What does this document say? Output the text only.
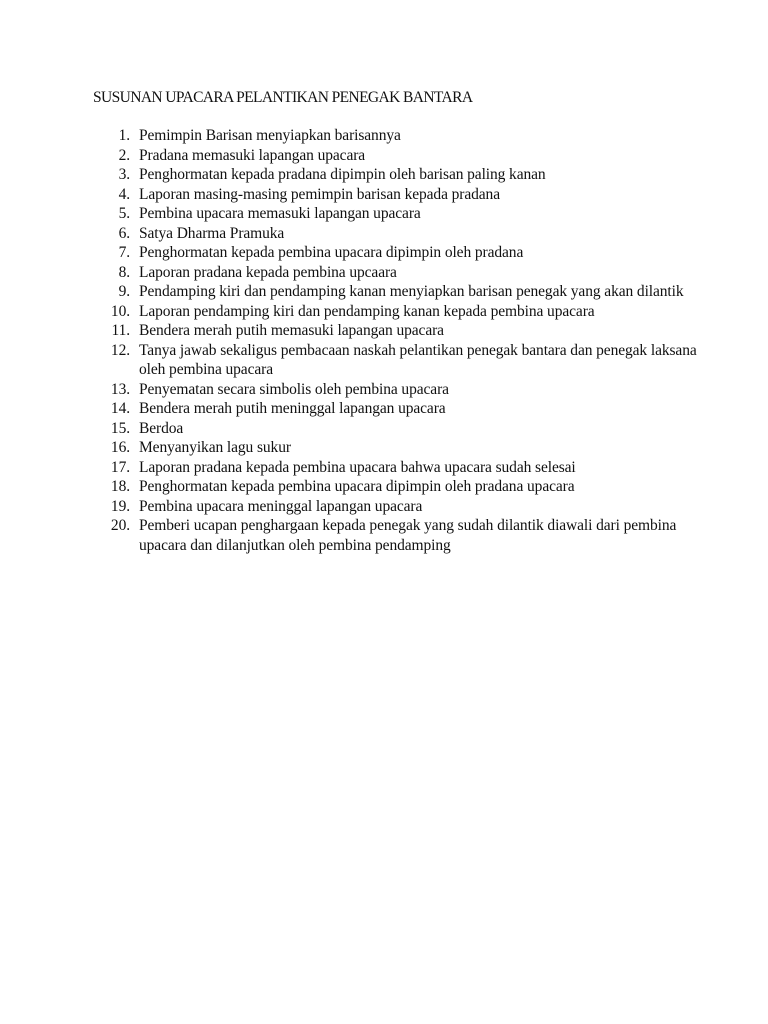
SUSUNAN UPACARA PELANTIKAN PENEGAK BANTARA
1. Pemimpin Barisan menyiapkan barisannya
2. Pradana memasuki lapangan upacara
3. Penghormatan kepada pradana dipimpin oleh barisan paling kanan
4. Laporan masing-masing pemimpin barisan kepada pradana
5. Pembina upacara memasuki lapangan upacara
6. Satya Dharma Pramuka
7. Penghormatan kepada pembina upacara dipimpin oleh pradana
8. Laporan pradana kepada pembina upcaara
9. Pendamping kiri dan pendamping kanan menyiapkan barisan penegak yang akan dilantik
10. Laporan pendamping kiri dan pendamping kanan kepada pembina upacara
11. Bendera merah putih memasuki lapangan upacara
12. Tanya jawab sekaligus pembacaan naskah pelantikan penegak bantara dan penegak laksana oleh pembina upacara
13. Penyematan secara simbolis oleh pembina upacara
14. Bendera merah putih meninggal lapangan upacara
15. Berdoa
16. Menyanyikan lagu sukur
17. Laporan pradana kepada pembina upacara bahwa upacara sudah selesai
18. Penghormatan kepada pembina upacara dipimpin oleh pradana upacara
19. Pembina upacara meninggal lapangan upacara
20. Pemberi ucapan penghargaan kepada penegak yang sudah dilantik diawali dari pembina upacara dan dilanjutkan oleh pembina pendamping
